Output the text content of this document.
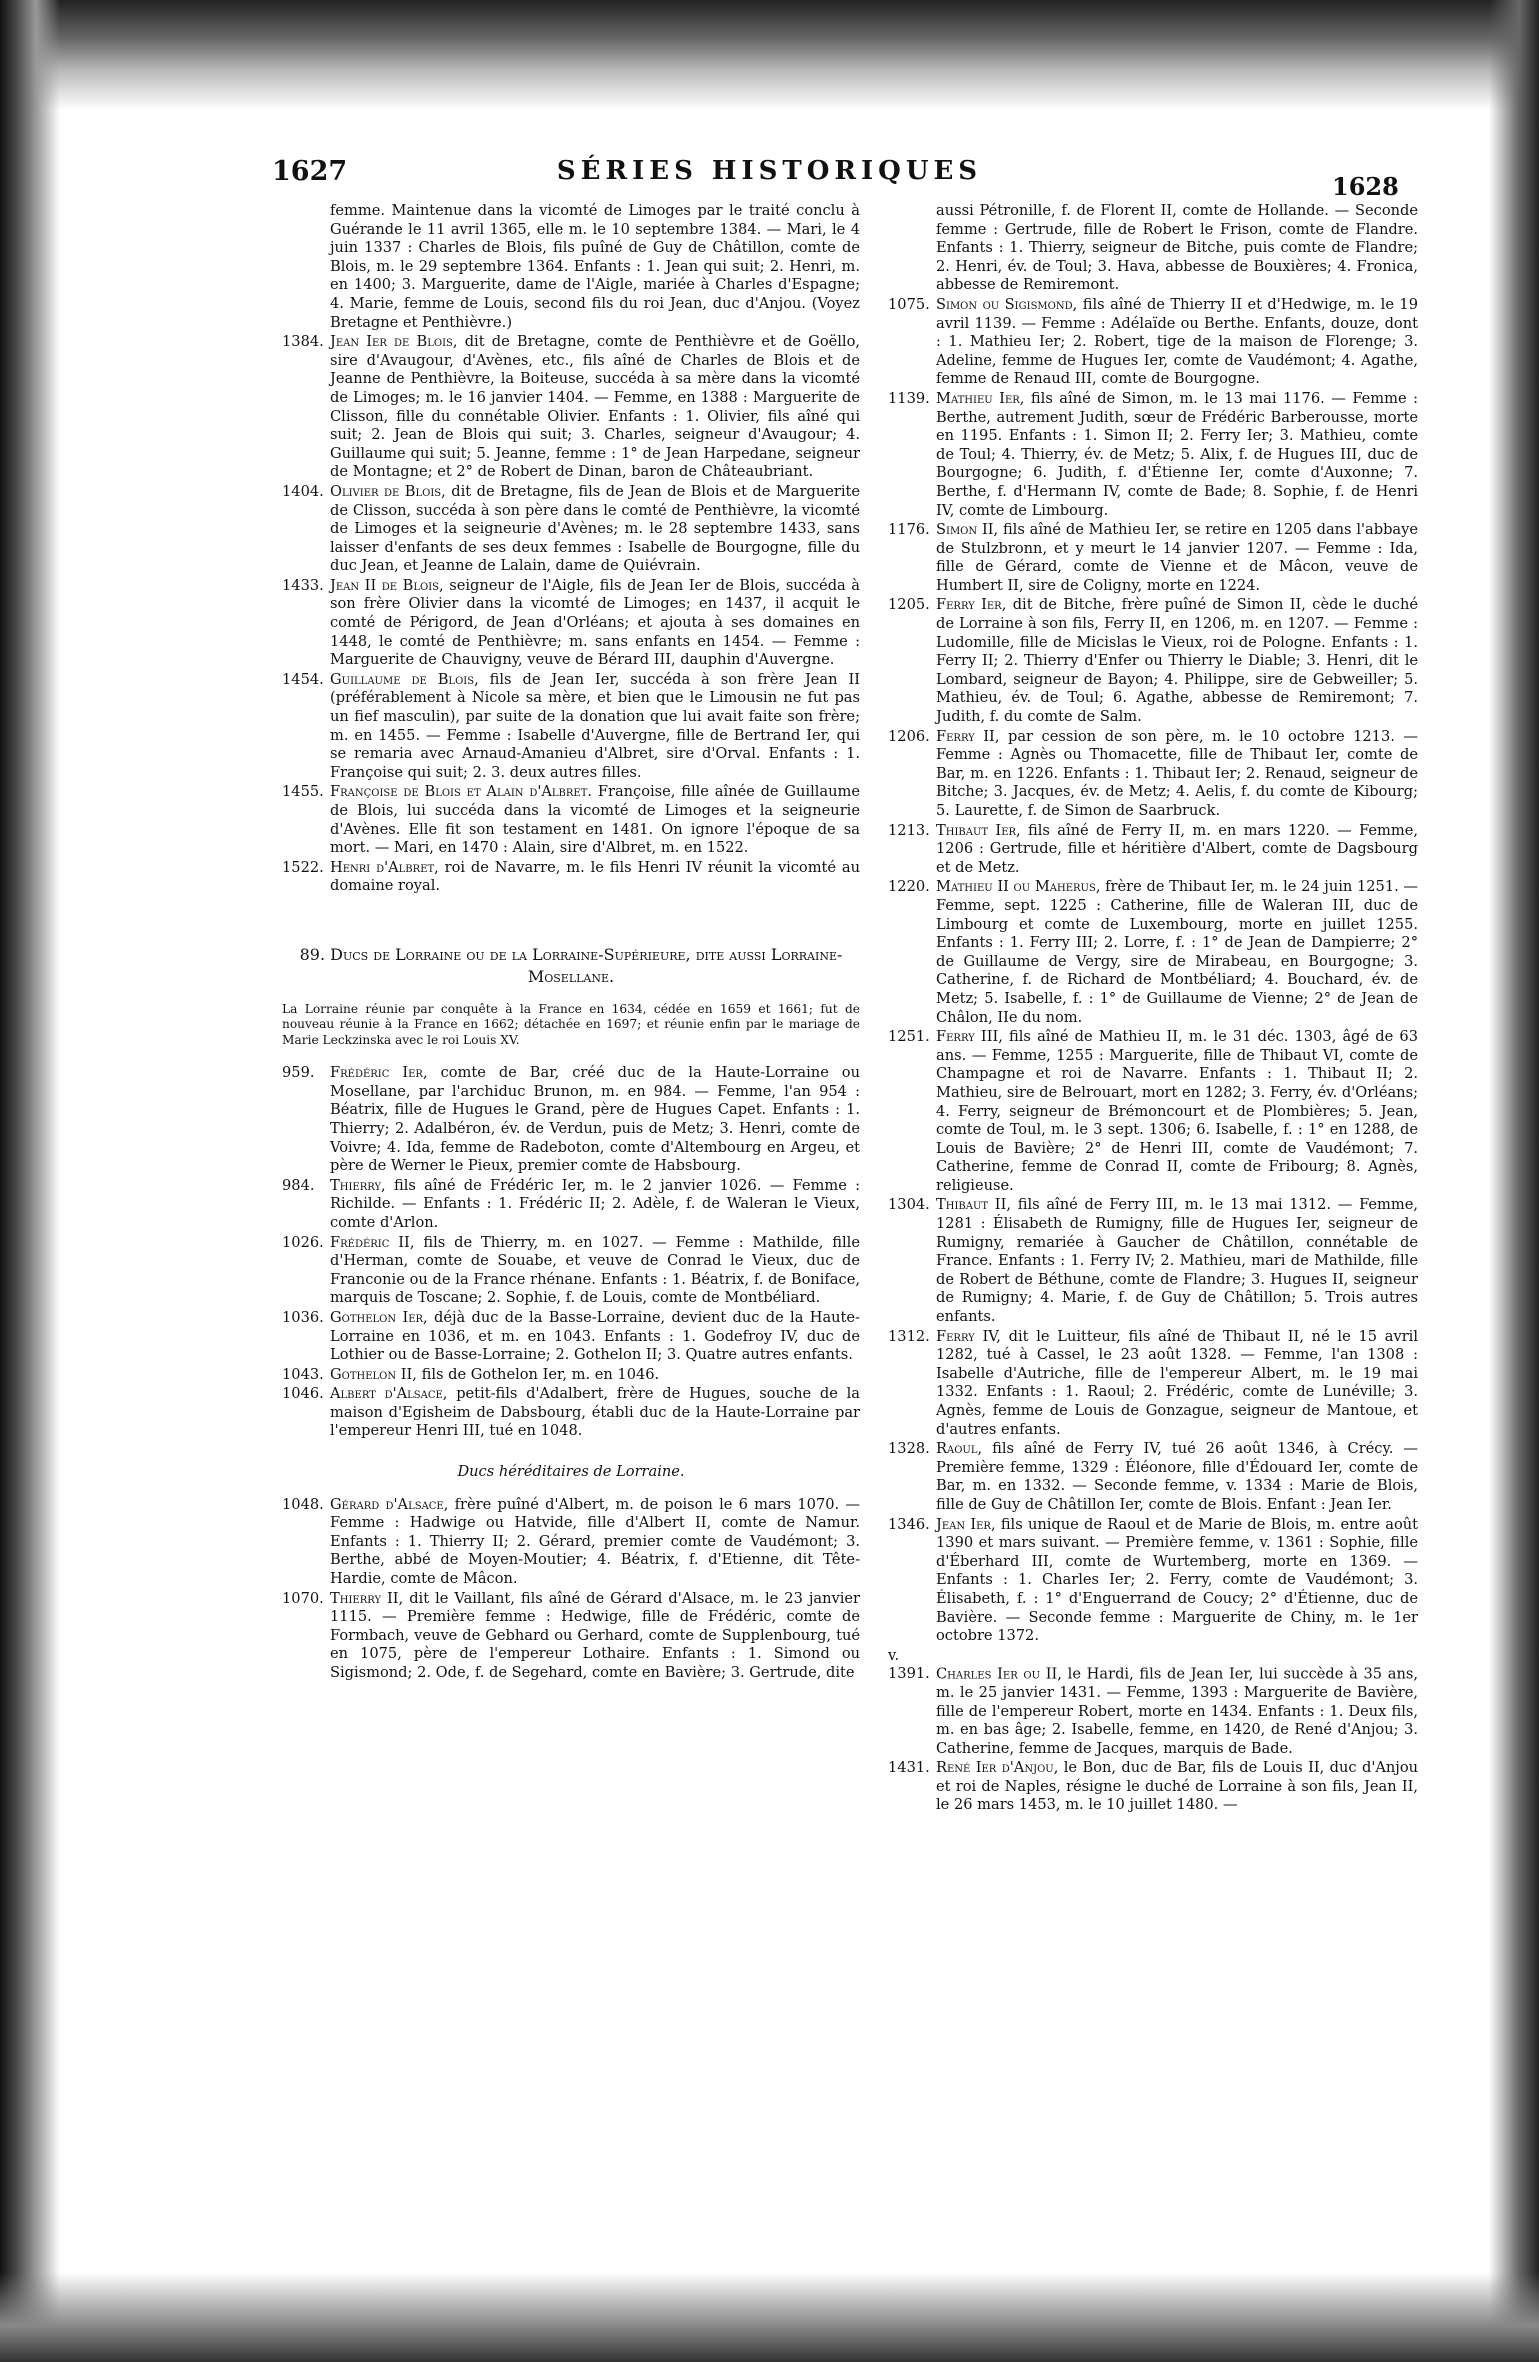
1627	SÉRIES HISTORIQUES
1628

femme. Maintenue dans la vicomté de Limoges par le traité conclu à Guérande le 11 avril 1365, elle m. le 10 septembre 1384. — Mari, le 4 juin 1337 : Charles de Blois, fils puîné de Guy de Châtillon, comte de Blois, m. le 29 septembre 1364. Enfants : 1. Jean qui suit; 2. Henri, m. en 1400; 3. Marguerite, dame de l'Aigle, mariée à Charles d'Espagne; 4. Marie, femme de Louis, second fils du roi Jean, duc d'Anjou. (Voyez Bretagne et Penthièvre.)

1384. Jean Ier de Blois, dit de Bretagne, comte de Penthièvre et de Goëllo, sire d'Avaugour, d'Avènes, etc., fils aîné de Charles de Blois et de Jeanne de Penthièvre, la Boiteuse, succéda à sa mère dans la vicomté de Limoges; m. le 16 janvier 1404. — Femme, en 1388 : Marguerite de Clisson, fille du connétable Olivier. Enfants : 1. Olivier, fils aîné qui suit; 2. Jean de Blois qui suit; 3. Charles, seigneur d'Avaugour; 4. Guillaume qui suit; 5. Jeanne, femme : 1° de Jean Harpedane, seigneur de Montagne; et 2° de Robert de Dinan, baron de Châteaubriant.

1404. Olivier de Blois, dit de Bretagne, fils de Jean de Blois et de Marguerite de Clisson, succéda à son père dans le comté de Penthièvre, la vicomté de Limoges et la seigneurie d'Avènes; m. le 28 septembre 1433, sans laisser d'enfants de ses deux femmes : Isabelle de Bourgogne, fille du duc Jean, et Jeanne de Lalain, dame de Quiévrain.

1433. Jean II de Blois, seigneur de l'Aigle, fils de Jean Ier de Blois, succéda à son frère Olivier dans la vicomté de Limoges; en 1437, il acquit le comté de Périgord, de Jean d'Orléans; et ajouta à ses domaines en 1448, le comté de Penthièvre; m. sans enfants en 1454. — Femme : Marguerite de Chauvigny, veuve de Bérard III, dauphin d'Auvergne.

1454. Guillaume de Blois, fils de Jean Ier, succéda à son frère Jean II (préférablement à Nicole sa mère, et bien que le Limousin ne fut pas un fief masculin), par suite de la donation que lui avait faite son frère; m. en 1455. — Femme : Isabelle d'Auvergne, fille de Bertrand Ier, qui se remaria avec Arnaud-Amanieu d'Albret, sire d'Orval. Enfants : 1. Françoise qui suit; 2. 3. deux autres filles.

1455. Françoise de Blois et Alain d'Albret. Françoise, fille aînée de Guillaume de Blois, lui succéda dans la vicomté de Limoges et la seigneurie d'Avènes. Elle fit son testament en 1481. On ignore l'époque de sa mort. — Mari, en 1470 : Alain, sire d'Albret, m. en 1522.

1522. Henri d'Albret, roi de Navarre, m. le fils Henri IV réunit la vicomté au domaine royal.

89. Ducs de Lorraine ou de la Lorraine-Supérieure, dite aussi Lorraine-Mosellane.

La Lorraine réunie par conquête à la France en 1634, cédée en 1659 et 1661; fut de nouveau réunie à la France en 1662; détachée en 1697; et réunie enfin par le mariage de Marie Leckzinska avec le roi Louis XV.

959. Frédéric Ier, comte de Bar, créé duc de la Haute-Lorraine ou Mosellane, par l'archiduc Brunon, m. en 984. — Femme, l'an 954 : Béatrix, fille de Hugues le Grand, père de Hugues Capet. Enfants : 1. Thierry; 2. Adalbéron, év. de Verdun, puis de Metz; 3. Henri, comte de Voivre; 4. Ida, femme de Radeboton, comte d'Altembourg en Argeu, et père de Werner le Pieux, premier comte de Habsbourg.

984. Thierry, fils aîné de Frédéric Ier, m. le 2 janvier 1026. — Femme : Richilde. — Enfants : 1. Frédéric II; 2. Adèle, f. de Waleran le Vieux, comte d'Arlon.

1026. Frédéric II, fils de Thierry, m. en 1027. — Femme : Mathilde, fille d'Herman, comte de Souabe, et veuve de Conrad le Vieux, duc de Franconie ou de la France rhénane. Enfants : 1. Béatrix, f. de Boniface, marquis de Toscane; 2. Sophie, f. de Louis, comte de Montbéliard.

1036. Gothelon Ier, déjà duc de la Basse-Lorraine, devient duc de la Haute-Lorraine en 1036, et m. en 1043. Enfants : 1. Godefroy IV, duc de Lothier ou de Basse-Lorraine; 2. Gothelon II; 3. Quatre autres enfants.

1043. Gothelon II, fils de Gothelon Ier, m. en 1046.

1046. Albert d'Alsace, petit-fils d'Adalbert, frère de Hugues, souche de la maison d'Egisheim de Dabsbourg, établi duc de la Haute-Lorraine par l'empereur Henri III, tué en 1048.

Ducs héréditaires de Lorraine.

1048. Gérard d'Alsace, frère puîné d'Albert, m. de poison le 6 mars 1070. — Femme : Hadwige ou Hatvide, fille d'Albert II, comte de Namur. Enfants : 1. Thierry II; 2. Gérard, premier comte de Vaudémont; 3. Berthe, abbé de Moyen-Moutier; 4. Béatrix, f. d'Etienne, dit Tête-Hardie, comte de Mâcon.

1070. Thierry II, dit le Vaillant, fils aîné de Gérard d'Alsace, m. le 23 janvier 1115. — Première femme : Hedwige, fille de Frédéric, comte de Formbach, veuve de Gebhard ou Gerhard, comte de Supplenbourg, tué en 1075, père de l'empereur Lothaire. Enfants : 1. Simond ou Sigismond; 2. Ode, f. de Segehard, comte en Bavière; 3. Gertrude, dite

aussi Pétronille, f. de Florent II, comte de Hollande. — Seconde femme : Gertrude, fille de Robert le Frison, comte de Flandre. Enfants : 1. Thierry, seigneur de Bitche, puis comte de Flandre; 2. Henri, év. de Toul; 3. Hava, abbesse de Bouxières; 4. Fronica, abbesse de Remiremont.

1075. Simon ou Sigismond, fils aîné de Thierry II et d'Hedwige, m. le 19 avril 1139. — Femme : Adélaïde ou Berthe. Enfants, douze, dont : 1. Mathieu Ier; 2. Robert, tige de la maison de Florenge; 3. Adeline, femme de Hugues Ier, comte de Vaudémont; 4. Agathe, femme de Renaud III, comte de Bourgogne.

1139. Mathieu Ier, fils aîné de Simon, m. le 13 mai 1176. — Femme : Berthe, autrement Judith, sœur de Frédéric Barberousse, morte en 1195. Enfants : 1. Simon II; 2. Ferry Ier; 3. Mathieu, comte de Toul; 4. Thierry, év. de Metz; 5. Alix, f. de Hugues III, duc de Bourgogne; 6. Judith, f. d'Étienne Ier, comte d'Auxonne; 7. Berthe, f. d'Hermann IV, comte de Bade; 8. Sophie, f. de Henri IV, comte de Limbourg.

1176. Simon II, fils aîné de Mathieu Ier, se retire en 1205 dans l'abbaye de Stulzbronn, et y meurt le 14 janvier 1207. — Femme : Ida, fille de Gérard, comte de Vienne et de Mâcon, veuve de Humbert II, sire de Coligny, morte en 1224.

1205. Ferry Ier, dit de Bitche, frère puîné de Simon II, cède le duché de Lorraine à son fils, Ferry II, en 1206, m. en 1207. — Femme : Ludomille, fille de Micislas le Vieux, roi de Pologne. Enfants : 1. Ferry II; 2. Thierry d'Enfer ou Thierry le Diable; 3. Henri, dit le Lombard, seigneur de Bayon; 4. Philippe, sire de Gebweiller; 5. Mathieu, év. de Toul; 6. Agathe, abbesse de Remiremont; 7. Judith, f. du comte de Salm.

1206. Ferry II, par cession de son père, m. le 10 octobre 1213. — Femme : Agnès ou Thomacette, fille de Thibaut Ier, comte de Bar, m. en 1226. Enfants : 1. Thibaut Ier; 2. Renaud, seigneur de Bitche; 3. Jacques, év. de Metz; 4. Aelis, f. du comte de Kibourg; 5. Laurette, f. de Simon de Saarbruck.

1213. Thibaut Ier, fils aîné de Ferry II, m. en mars 1220. — Femme, 1206 : Gertrude, fille et héritière d'Albert, comte de Dagsbourg et de Metz.

1220. Mathieu II ou Maherus, frère de Thibaut Ier, m. le 24 juin 1251. — Femme, sept. 1225 : Catherine, fille de Waleran III, duc de Limbourg et comte de Luxembourg, morte en juillet 1255. Enfants : 1. Ferry III; 2. Lorre, f. : 1° de Jean de Dampierre; 2° de Guillaume de Vergy, sire de Mirabeau, en Bourgogne; 3. Catherine, f. de Richard de Montbéliard; 4. Bouchard, év. de Metz; 5. Isabelle, f. : 1° de Guillaume de Vienne; 2° de Jean de Châlon, IIe du nom.

1251. Ferry III, fils aîné de Mathieu II, m. le 31 déc. 1303, âgé de 63 ans. — Femme, 1255 : Marguerite, fille de Thibaut VI, comte de Champagne et roi de Navarre. Enfants : 1. Thibaut II; 2. Mathieu, sire de Belrouart, mort en 1282; 3. Ferry, év. d'Orléans; 4. Ferry, seigneur de Brémoncourt et de Plombières; 5. Jean, comte de Toul, m. le 3 sept. 1306; 6. Isabelle, f. : 1° en 1288, de Louis de Bavière; 2° de Henri III, comte de Vaudémont; 7. Catherine, femme de Conrad II, comte de Fribourg; 8. Agnès, religieuse.

1304. Thibaut II, fils aîné de Ferry III, m. le 13 mai 1312. — Femme, 1281 : Élisabeth de Rumigny, fille de Hugues Ier, seigneur de Rumigny, remariée à Gaucher de Châtillon, connétable de France. Enfants : 1. Ferry IV; 2. Mathieu, mari de Mathilde, fille de Robert de Béthune, comte de Flandre; 3. Hugues II, seigneur de Rumigny; 4. Marie, f. de Guy de Châtillon; 5. Trois autres enfants.

1312. Ferry IV, dit le Luitteur, fils aîné de Thibaut II, né le 15 avril 1282, tué à Cassel, le 23 août 1328. — Femme, l'an 1308 : Isabelle d'Autriche, fille de l'empereur Albert, m. le 19 mai 1332. Enfants : 1. Raoul; 2. Frédéric, comte de Lunéville; 3. Agnès, femme de Louis de Gonzague, seigneur de Mantoue, et d'autres enfants.

1328. Raoul, fils aîné de Ferry IV, tué 26 août 1346, à Crécy. — Première femme, 1329 : Éléonore, fille d'Édouard Ier, comte de Bar, m. en 1332. — Seconde femme, v. 1334 : Marie de Blois, fille de Guy de Châtillon Ier, comte de Blois. Enfant : Jean Ier.

1346. Jean Ier, fils unique de Raoul et de Marie de Blois, m. entre août 1390 et mars suivant. — Première femme, v. 1361 : Sophie, fille d'Éberhard III, comte de Wurtemberg, morte en 1369. — Enfants : 1. Charles Ier; 2. Ferry, comte de Vaudémont; 3. Élisabeth, f. : 1° d'Enguerrand de Coucy; 2° d'Étienne, duc de Bavière. — Seconde femme : Marguerite de Chiny, m. le 1er octobre 1372.

v. 1391. Charles Ier ou II, le Hardi, fils de Jean Ier, lui succède à 35 ans, m. le 25 janvier 1431. — Femme, 1393 : Marguerite de Bavière, fille de l'empereur Robert, morte en 1434. Enfants : 1. Deux fils, m. en bas âge; 2. Isabelle, femme, en 1420, de René d'Anjou; 3. Catherine, femme de Jacques, marquis de Bade.

1431. René Ier d'Anjou, le Bon, duc de Bar, fils de Louis II, duc d'Anjou et roi de Naples, résigne le duché de Lorraine à son fils, Jean II, le 26 mars 1453, m. le 10 juillet 1480. —
